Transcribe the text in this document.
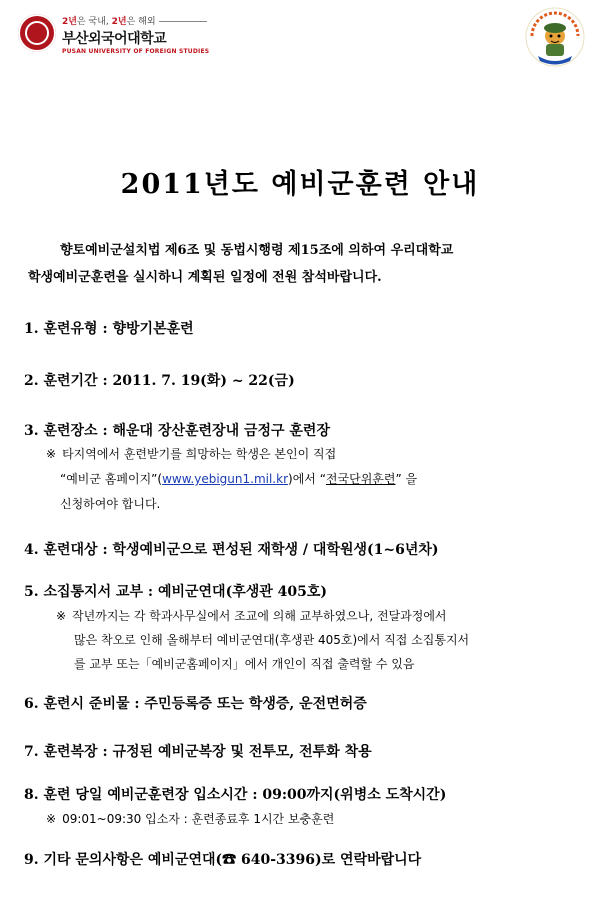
2년은 국내, 2년은 해외
부산외국어대학교
PUSAN UNIVERSITY OF FOREIGN STUDIES
2011년도 예비군훈련 안내
향토예비군설치법 제6조 및 동법시행령 제15조에 의하여 우리대학교
학생예비군훈련을 실시하니 계획된 일정에 전원 참석바랍니다.
1. 훈련유형 : 향방기본훈련
2. 훈련기간 : 2011. 7. 19(화) ~ 22(금)
3. 훈련장소 : 해운대 장산훈련장내 금정구 훈련장
※ 타지역에서 훈련받기를 희망하는 학생은 본인이 직접
“예비군 홈페이지”(www.yebigun1.mil.kr)에서 “전국단위훈련” 을
신청하여야 합니다.
4. 훈련대상 : 학생예비군으로 편성된 재학생 / 대학원생(1~6년차)
5. 소집통지서 교부 : 예비군연대(후생관 405호)
※ 작년까지는 각 학과사무실에서 조교에 의해 교부하였으나, 전달과정에서
많은 착오로 인해 올해부터 예비군연대(후생관 405호)에서 직접 소집통지서
를 교부 또는「예비군홈페이지」에서 개인이 직접 출력할 수 있음
6. 훈련시 준비물 : 주민등록증 또는 학생증, 운전면허증
7. 훈련복장 : 규정된 예비군복장 및 전투모, 전투화 착용
8. 훈련 당일 예비군훈련장 입소시간 : 09:00까지(위병소 도착시간)
※ 09:01~09:30 입소자 : 훈련종료후 1시간 보충훈련
9. 기타 문의사항은 예비군연대(☎ 640-3396)로 연락바랍니다
